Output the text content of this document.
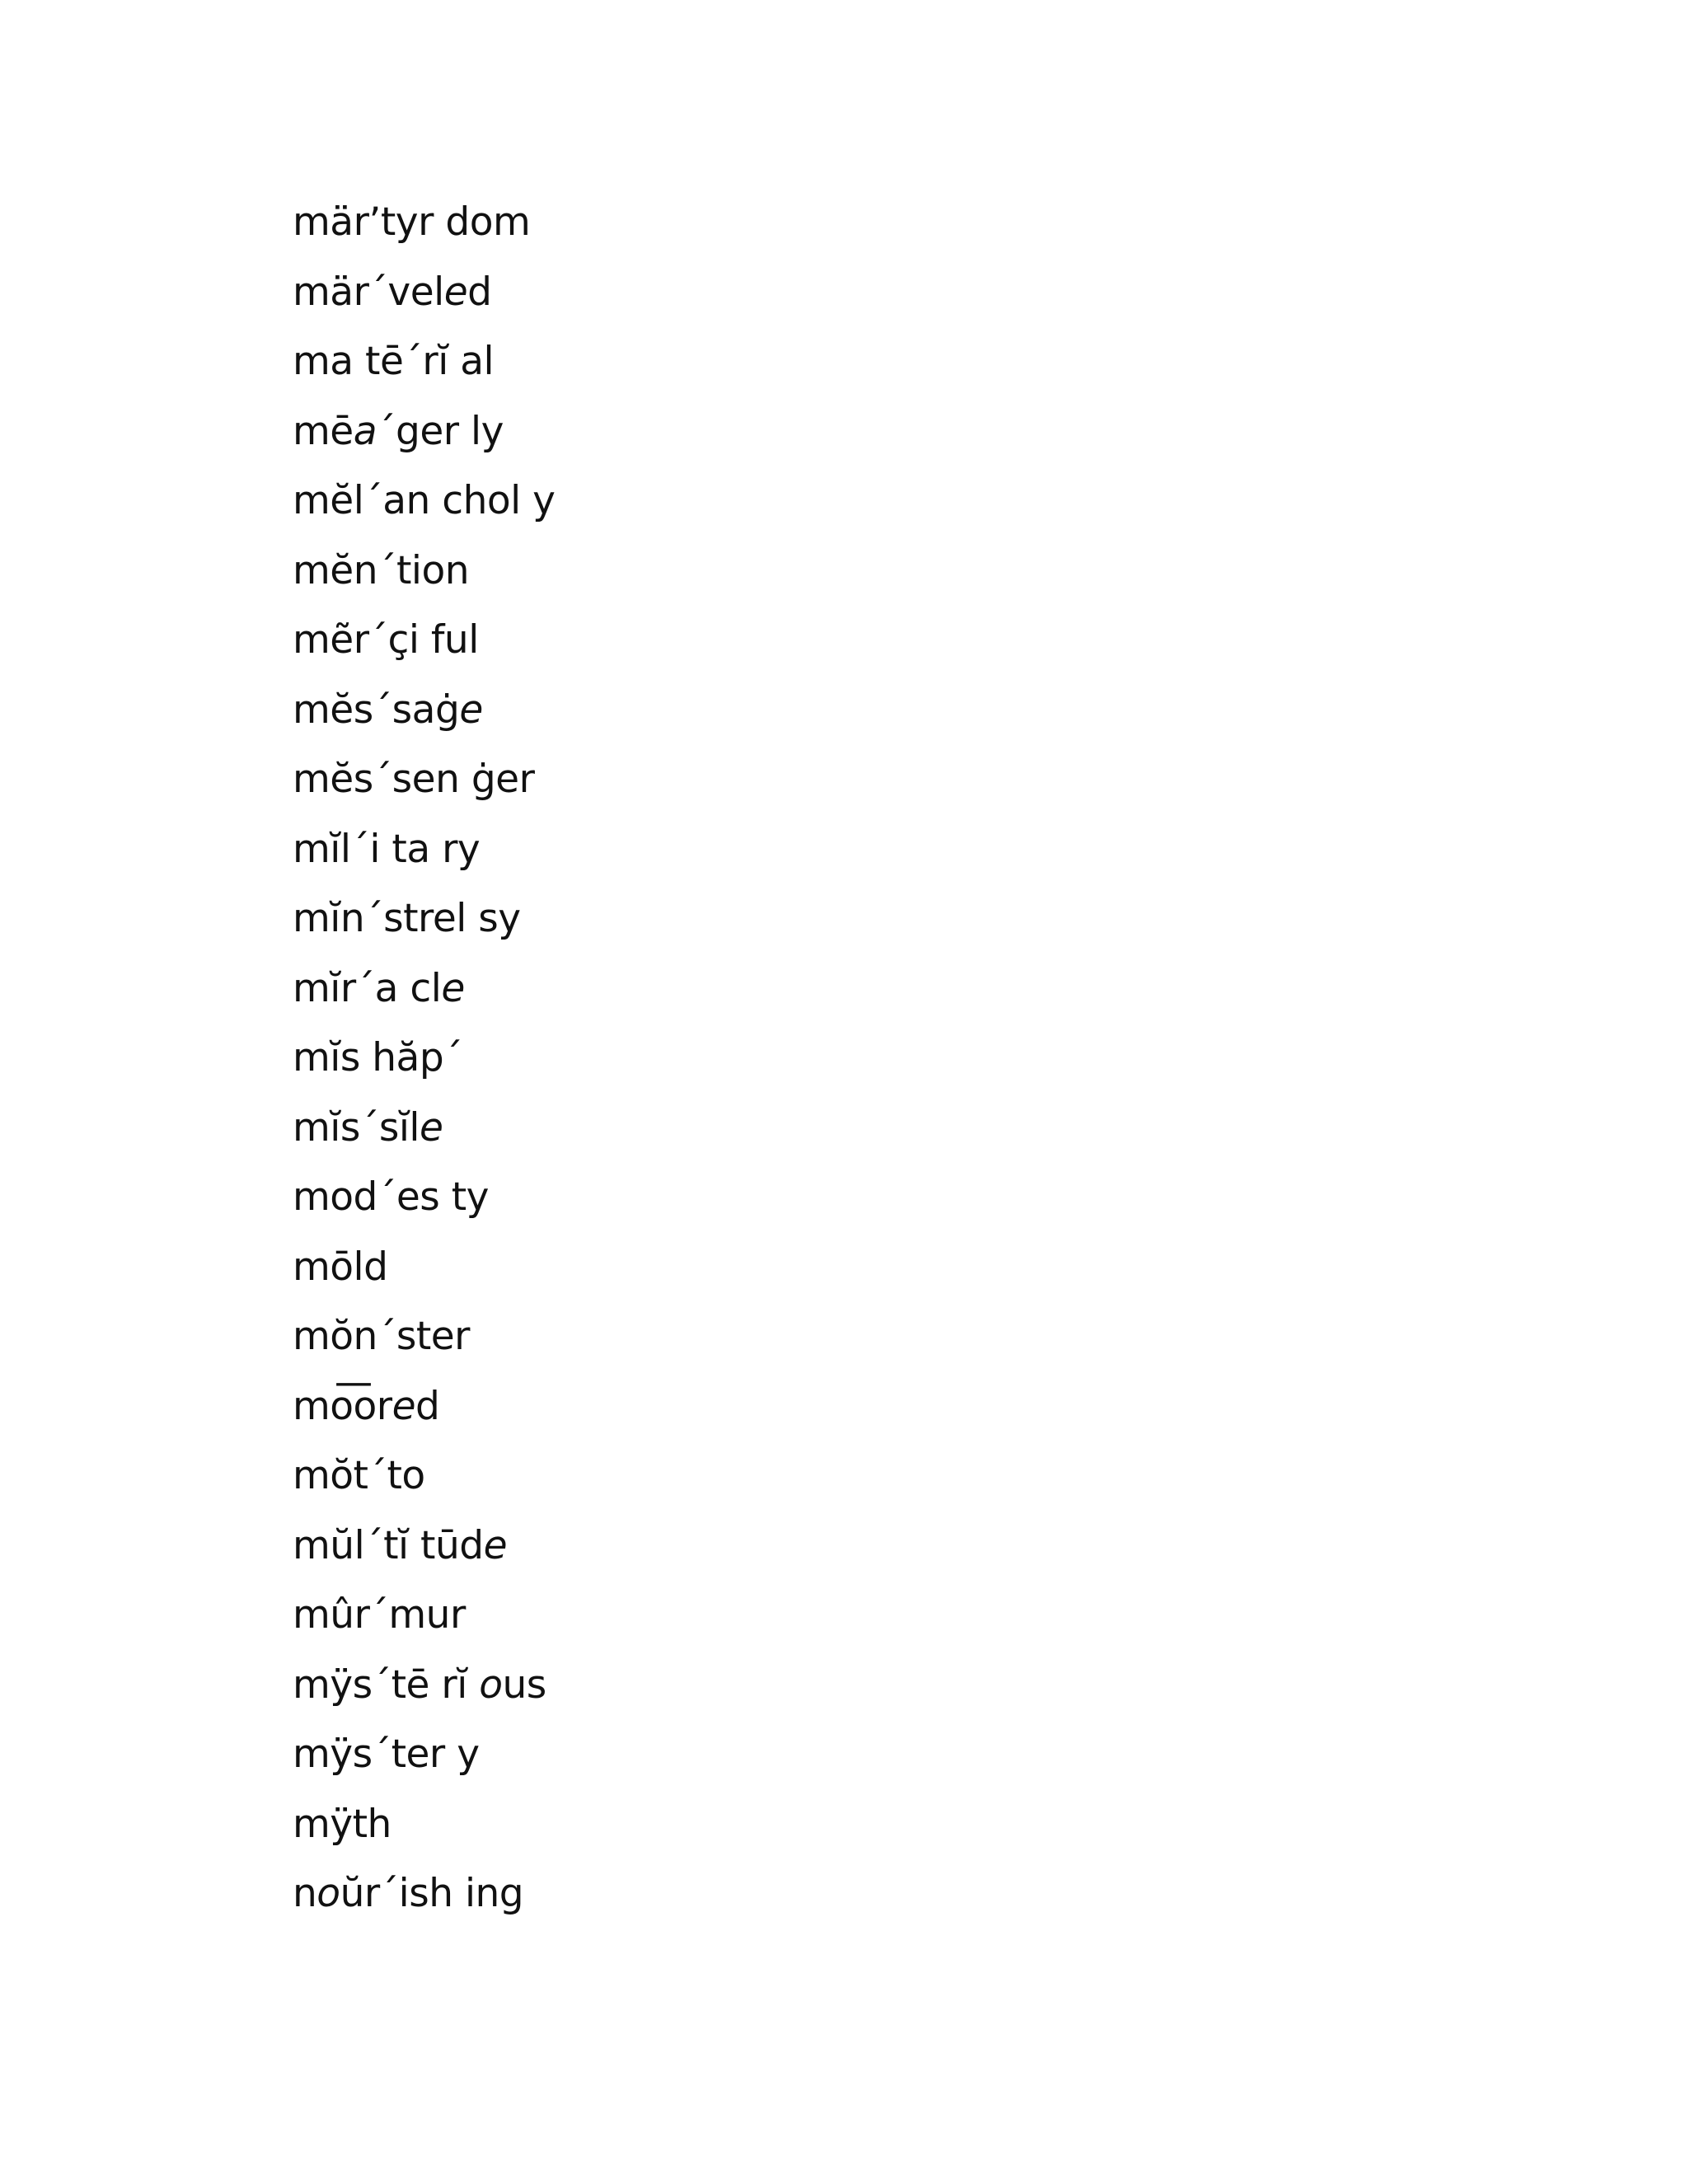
mär’tyr dom
mär´veled
ma tē´rĭ al
mēa´ger ly
mĕl´an chol y
mĕn´tion
mẽr´çi ful
mĕs´saġe
mĕs´sen ġer
mĭl´i ta ry
mĭn´strel sy
mĭr´a cle
mĭs hăp´
mĭs´sĭle
mod´es ty
mōld
mŏn´ster
mo͞ored
mŏt´to
mŭl´tĭ tūde
mûr´mur
mÿs´tē rĭ ous
mÿs´ter y
mÿth
noŭr´ish ing
